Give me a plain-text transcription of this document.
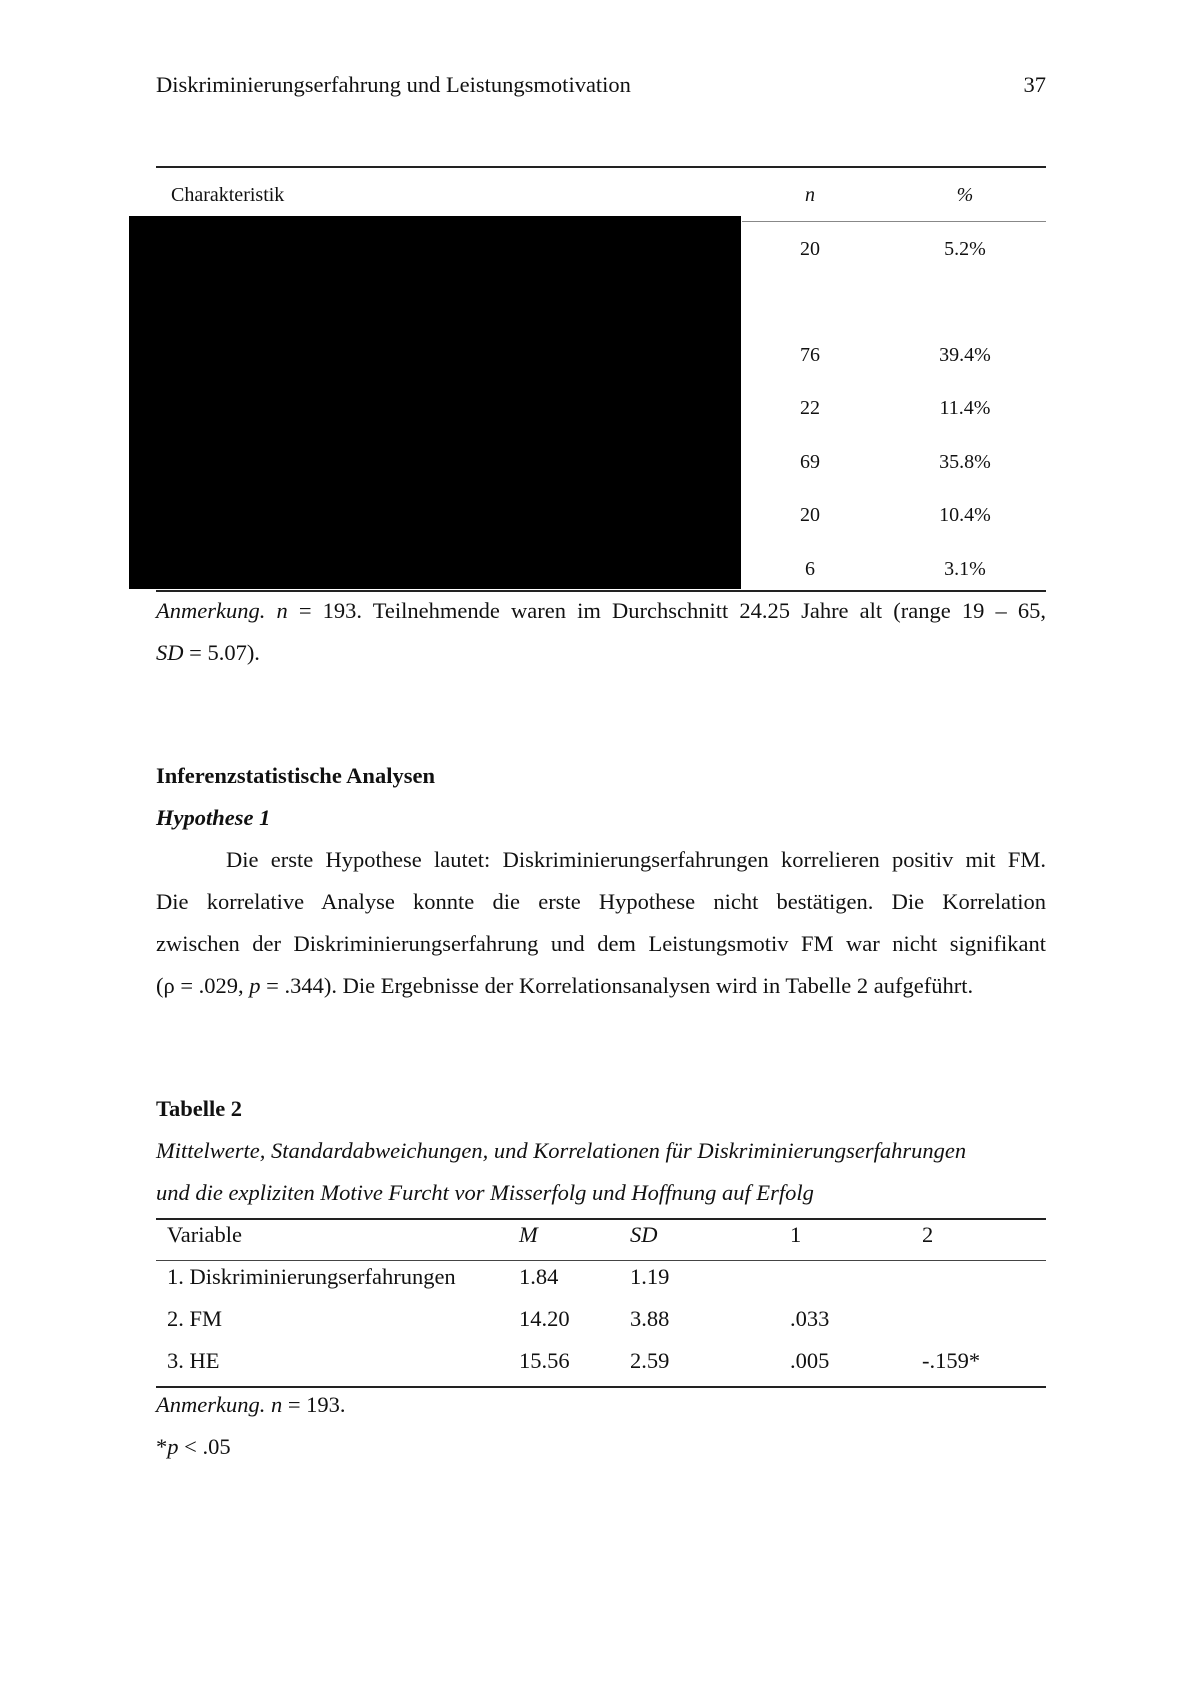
Diskriminierungserfahrung und Leistungsmotivation	37
Charakteristik	n	%
20	5.2%
76	39.4%
22	11.4%
69	35.8%
20	10.4%
6	3.1%
Anmerkung. n = 193. Teilnehmende waren im Durchschnitt 24.25 Jahre alt (range 19 – 65,
SD = 5.07).
Inferenzstatistische Analysen
Hypothese 1
Die erste Hypothese lautet: Diskriminierungserfahrungen korrelieren positiv mit FM.
Die korrelative Analyse konnte die erste Hypothese nicht bestätigen. Die Korrelation
zwischen der Diskriminierungserfahrung und dem Leistungsmotiv FM war nicht signifikant
(ρ = .029, p = .344). Die Ergebnisse der Korrelationsanalysen wird in Tabelle 2 aufgeführt.
Tabelle 2
Mittelwerte, Standardabweichungen, und Korrelationen für Diskriminierungserfahrungen
und die expliziten Motive Furcht vor Misserfolg und Hoffnung auf Erfolg
Variable	M	SD	1	2
1. Diskriminierungserfahrungen	1.84	1.19
2. FM	14.20	3.88	.033
3. HE	15.56	2.59	.005	-.159*
Anmerkung. n = 193.
*p < .05
